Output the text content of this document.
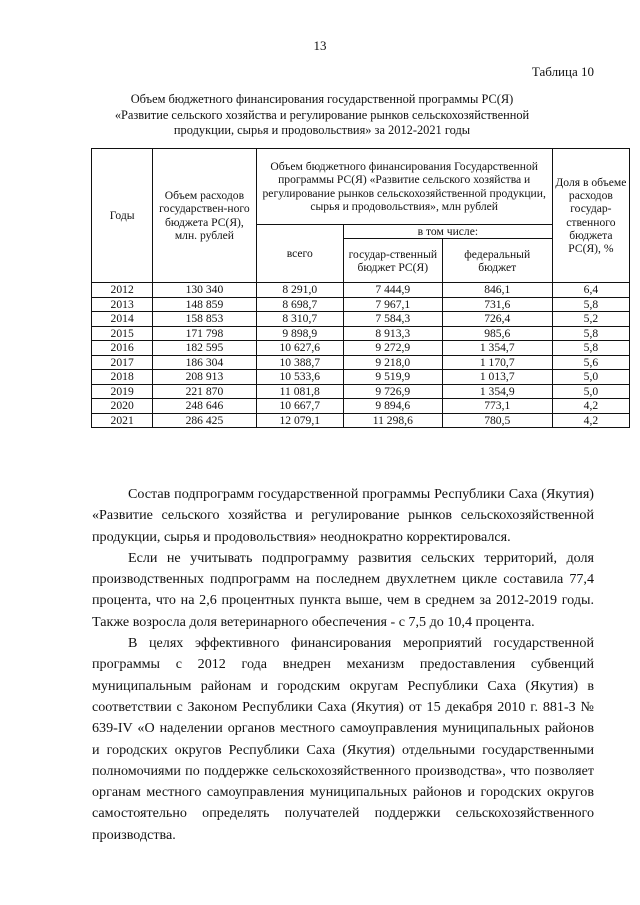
13
Таблица 10
Объем бюджетного финансирования государственной программы РС(Я)
«Развитие сельского хозяйства и регулирование рынков сельскохозяйственной
продукции, сырья и продовольствия» за 2012-2021 годы
Годы	Объем расходов государствен-ного бюджета РС(Я), млн. рублей	Объем бюджетного финансирования Государственной программы РС(Я) «Развитие сельского хозяйства и регулирование рынков сельскохозяйственной продукции, сырья и продовольствия», млн рублей			Доля в объеме расходов государ-ственного бюджета РС(Я), %
		всего	в том числе:		
			государ-ственный бюджет РС(Я)	федеральный бюджет	
2012	130 340	8 291,0	7 444,9	846,1	6,4
2013	148 859	8 698,7	7 967,1	731,6	5,8
2014	158 853	8 310,7	7 584,3	726,4	5,2
2015	171 798	9 898,9	8 913,3	985,6	5,8
2016	182 595	10 627,6	9 272,9	1 354,7	5,8
2017	186 304	10 388,7	9 218,0	1 170,7	5,6
2018	208 913	10 533,6	9 519,9	1 013,7	5,0
2019	221 870	11 081,8	9 726,9	1 354,9	5,0
2020	248 646	10 667,7	9 894,6	773,1	4,2
2021	286 425	12 079,1	11 298,6	780,5	4,2

Состав подпрограмм государственной программы Республики Саха (Якутия) «Развитие сельского хозяйства и регулирование рынков сельскохозяйственной продукции, сырья и продовольствия» неоднократно корректировался.

Если не учитывать подпрограмму развития сельских территорий, доля производственных подпрограмм на последнем двухлетнем цикле составила 77,4 процента, что на 2,6 процентных пункта выше, чем в среднем за 2012-2019 годы. Также возросла доля ветеринарного обеспечения - с 7,5 до 10,4 процента.

В целях эффективного финансирования мероприятий государственной программы с 2012 года внедрен механизм предоставления субвенций муниципальным районам и городским округам Республики Саха (Якутия) в соответствии с Законом Республики Саха (Якутия) от 15 декабря 2010 г. 881-З № 639-IV «О наделении органов местного самоуправления муниципальных районов и городских округов Республики Саха (Якутия) отдельными государственными полномочиями по поддержке сельскохозяйственного производства», что позволяет органам местного самоуправления муниципальных районов и городских округов самостоятельно определять получателей поддержки сельскохозяйственного производства.
